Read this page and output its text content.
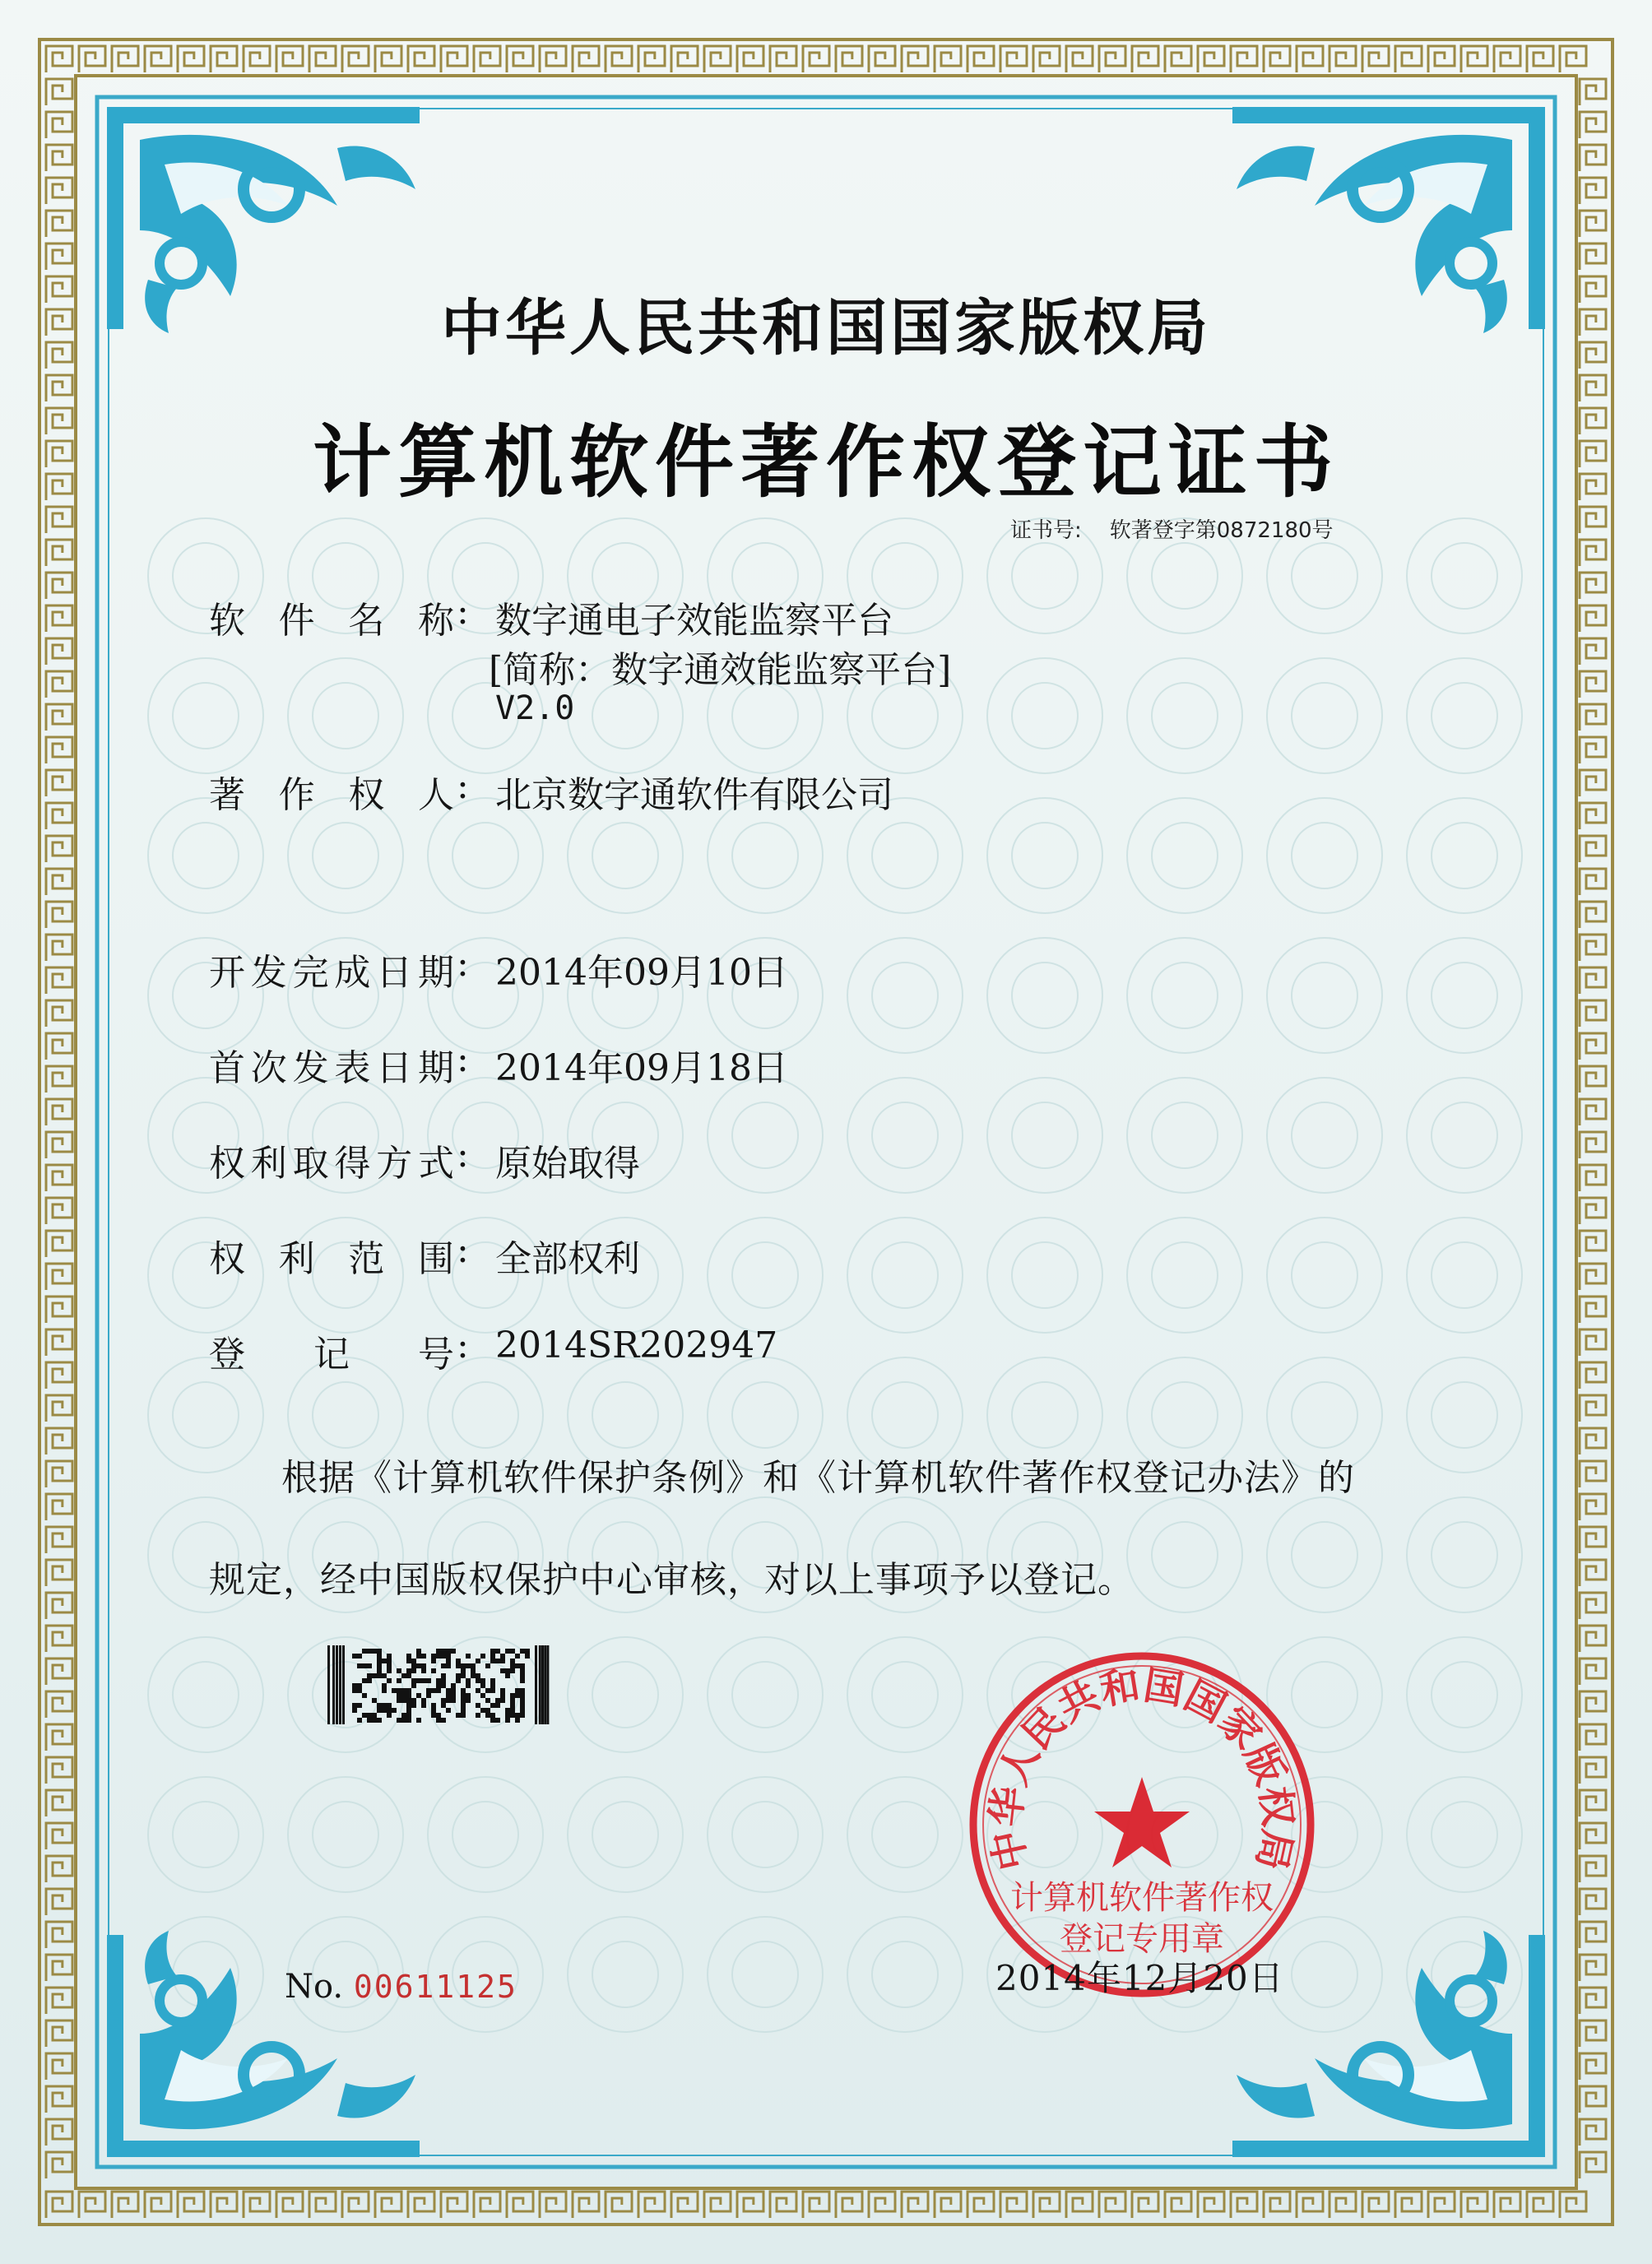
中华人民共和国国家版权局
计算机软件著作权登记证书
证书号: 软著登字第0872180号
软件名称 : 数字通电子效能监察平台
[简称：数字通效能监察平台]
V2.0
著作权人 : 北京数字通软件有限公司
开发完成日期 : 2014年09月10日
首次发表日期 : 2014年09月18日
权利取得方式 : 原始取得
权利范围 : 全部权利
登记号 : 2014SR202947
根据《计算机软件保护条例》和《计算机软件著作权登记办法》的
规定，经中国版权保护中心审核，对以上事项予以登记。
No. 00611125
中华人民共和国国家版权局
计算机软件著作权
登记专用章
2014年12月20日
